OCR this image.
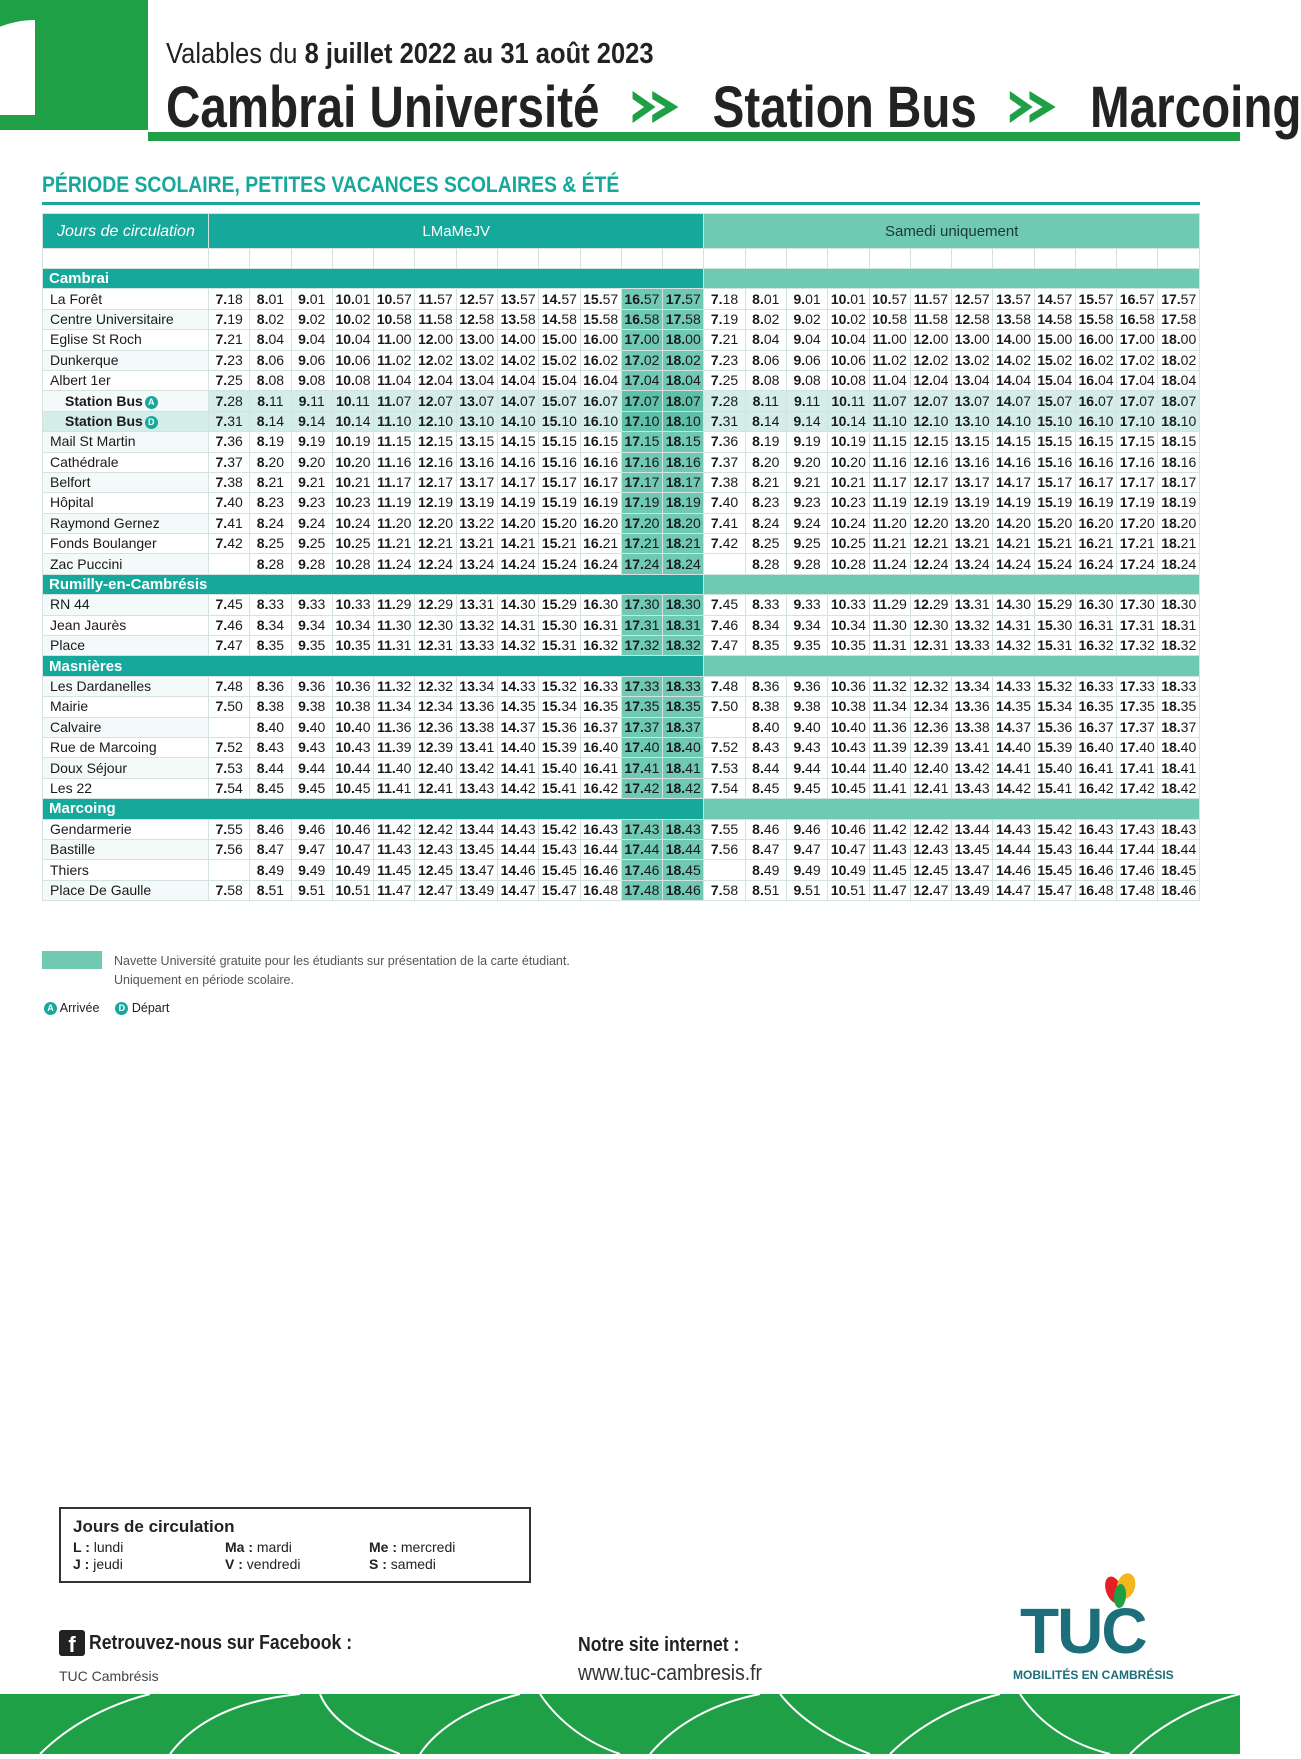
5	Valables du 8 juillet 2022 au 31 août 2023
Cambrai Université Station Bus Marcoing
PÉRIODE SCOLAIRE, PETITES VACANCES SCOLAIRES & ÉTÉ
Jours de circulation	LMaMeJV												Samedi uniquement											

Cambrai																								
La Forêt	7.18	8.01	9.01	10.01	10.57	11.57	12.57	13.57	14.57	15.57	16.57	17.57	7.18	8.01	9.01	10.01	10.57	11.57	12.57	13.57	14.57	15.57	16.57	17.57
Centre Universitaire	7.19	8.02	9.02	10.02	10.58	11.58	12.58	13.58	14.58	15.58	16.58	17.58	7.19	8.02	9.02	10.02	10.58	11.58	12.58	13.58	14.58	15.58	16.58	17.58
Eglise St Roch	7.21	8.04	9.04	10.04	11.00	12.00	13.00	14.00	15.00	16.00	17.00	18.00	7.21	8.04	9.04	10.04	11.00	12.00	13.00	14.00	15.00	16.00	17.00	18.00
Dunkerque	7.23	8.06	9.06	10.06	11.02	12.02	13.02	14.02	15.02	16.02	17.02	18.02	7.23	8.06	9.06	10.06	11.02	12.02	13.02	14.02	15.02	16.02	17.02	18.02
Albert 1er	7.25	8.08	9.08	10.08	11.04	12.04	13.04	14.04	15.04	16.04	17.04	18.04	7.25	8.08	9.08	10.08	11.04	12.04	13.04	14.04	15.04	16.04	17.04	18.04
Station Bus A	7.28	8.11	9.11	10.11	11.07	12.07	13.07	14.07	15.07	16.07	17.07	18.07	7.28	8.11	9.11	10.11	11.07	12.07	13.07	14.07	15.07	16.07	17.07	18.07
Station Bus D	7.31	8.14	9.14	10.14	11.10	12.10	13.10	14.10	15.10	16.10	17.10	18.10	7.31	8.14	9.14	10.14	11.10	12.10	13.10	14.10	15.10	16.10	17.10	18.10
Mail St Martin	7.36	8.19	9.19	10.19	11.15	12.15	13.15	14.15	15.15	16.15	17.15	18.15	7.36	8.19	9.19	10.19	11.15	12.15	13.15	14.15	15.15	16.15	17.15	18.15
Cathédrale	7.37	8.20	9.20	10.20	11.16	12.16	13.16	14.16	15.16	16.16	17.16	18.16	7.37	8.20	9.20	10.20	11.16	12.16	13.16	14.16	15.16	16.16	17.16	18.16
Belfort	7.38	8.21	9.21	10.21	11.17	12.17	13.17	14.17	15.17	16.17	17.17	18.17	7.38	8.21	9.21	10.21	11.17	12.17	13.17	14.17	15.17	16.17	17.17	18.17
Hôpital	7.40	8.23	9.23	10.23	11.19	12.19	13.19	14.19	15.19	16.19	17.19	18.19	7.40	8.23	9.23	10.23	11.19	12.19	13.19	14.19	15.19	16.19	17.19	18.19
Raymond Gernez	7.41	8.24	9.24	10.24	11.20	12.20	13.22	14.20	15.20	16.20	17.20	18.20	7.41	8.24	9.24	10.24	11.20	12.20	13.20	14.20	15.20	16.20	17.20	18.20
Fonds Boulanger	7.42	8.25	9.25	10.25	11.21	12.21	13.21	14.21	15.21	16.21	17.21	18.21	7.42	8.25	9.25	10.25	11.21	12.21	13.21	14.21	15.21	16.21	17.21	18.21
Zac Puccini		8.28	9.28	10.28	11.24	12.24	13.24	14.24	15.24	16.24	17.24	18.24		8.28	9.28	10.28	11.24	12.24	13.24	14.24	15.24	16.24	17.24	18.24
Rumilly-en-Cambrésis																								
RN 44	7.45	8.33	9.33	10.33	11.29	12.29	13.31	14.30	15.29	16.30	17.30	18.30	7.45	8.33	9.33	10.33	11.29	12.29	13.31	14.30	15.29	16.30	17.30	18.30
Jean Jaurès	7.46	8.34	9.34	10.34	11.30	12.30	13.32	14.31	15.30	16.31	17.31	18.31	7.46	8.34	9.34	10.34	11.30	12.30	13.32	14.31	15.30	16.31	17.31	18.31
Place	7.47	8.35	9.35	10.35	11.31	12.31	13.33	14.32	15.31	16.32	17.32	18.32	7.47	8.35	9.35	10.35	11.31	12.31	13.33	14.32	15.31	16.32	17.32	18.32
Masnières																								
Les Dardanelles	7.48	8.36	9.36	10.36	11.32	12.32	13.34	14.33	15.32	16.33	17.33	18.33	7.48	8.36	9.36	10.36	11.32	12.32	13.34	14.33	15.32	16.33	17.33	18.33
Mairie	7.50	8.38	9.38	10.38	11.34	12.34	13.36	14.35	15.34	16.35	17.35	18.35	7.50	8.38	9.38	10.38	11.34	12.34	13.36	14.35	15.34	16.35	17.35	18.35
Calvaire		8.40	9.40	10.40	11.36	12.36	13.38	14.37	15.36	16.37	17.37	18.37		8.40	9.40	10.40	11.36	12.36	13.38	14.37	15.36	16.37	17.37	18.37
Rue de Marcoing	7.52	8.43	9.43	10.43	11.39	12.39	13.41	14.40	15.39	16.40	17.40	18.40	7.52	8.43	9.43	10.43	11.39	12.39	13.41	14.40	15.39	16.40	17.40	18.40
Doux Séjour	7.53	8.44	9.44	10.44	11.40	12.40	13.42	14.41	15.40	16.41	17.41	18.41	7.53	8.44	9.44	10.44	11.40	12.40	13.42	14.41	15.40	16.41	17.41	18.41
Les 22	7.54	8.45	9.45	10.45	11.41	12.41	13.43	14.42	15.41	16.42	17.42	18.42	7.54	8.45	9.45	10.45	11.41	12.41	13.43	14.42	15.41	16.42	17.42	18.42
Marcoing																								
Gendarmerie	7.55	8.46	9.46	10.46	11.42	12.42	13.44	14.43	15.42	16.43	17.43	18.43	7.55	8.46	9.46	10.46	11.42	12.42	13.44	14.43	15.42	16.43	17.43	18.43
Bastille	7.56	8.47	9.47	10.47	11.43	12.43	13.45	14.44	15.43	16.44	17.44	18.44	7.56	8.47	9.47	10.47	11.43	12.43	13.45	14.44	15.43	16.44	17.44	18.44
Thiers		8.49	9.49	10.49	11.45	12.45	13.47	14.46	15.45	16.46	17.46	18.45		8.49	9.49	10.49	11.45	12.45	13.47	14.46	15.45	16.46	17.46	18.45
Place De Gaulle	7.58	8.51	9.51	10.51	11.47	12.47	13.49	14.47	15.47	16.48	17.48	18.46	7.58	8.51	9.51	10.51	11.47	12.47	13.49	14.47	15.47	16.48	17.48	18.46
Navette Université gratuite pour les étudiants sur présentation de la carte étudiant.
Uniquement en période scolaire.
A Arrivée	D Départ
Jours de circulation
L : lundi	Ma : mardi	Me : mercredi
J : jeudi	V : vendredi	S : samedi
f Retrouvez-nous sur Facebook :
TUC Cambrésis
Notre site internet :
www.tuc-cambresis.fr
TUC
MOBILITÉS EN CAMBRÉSIS
